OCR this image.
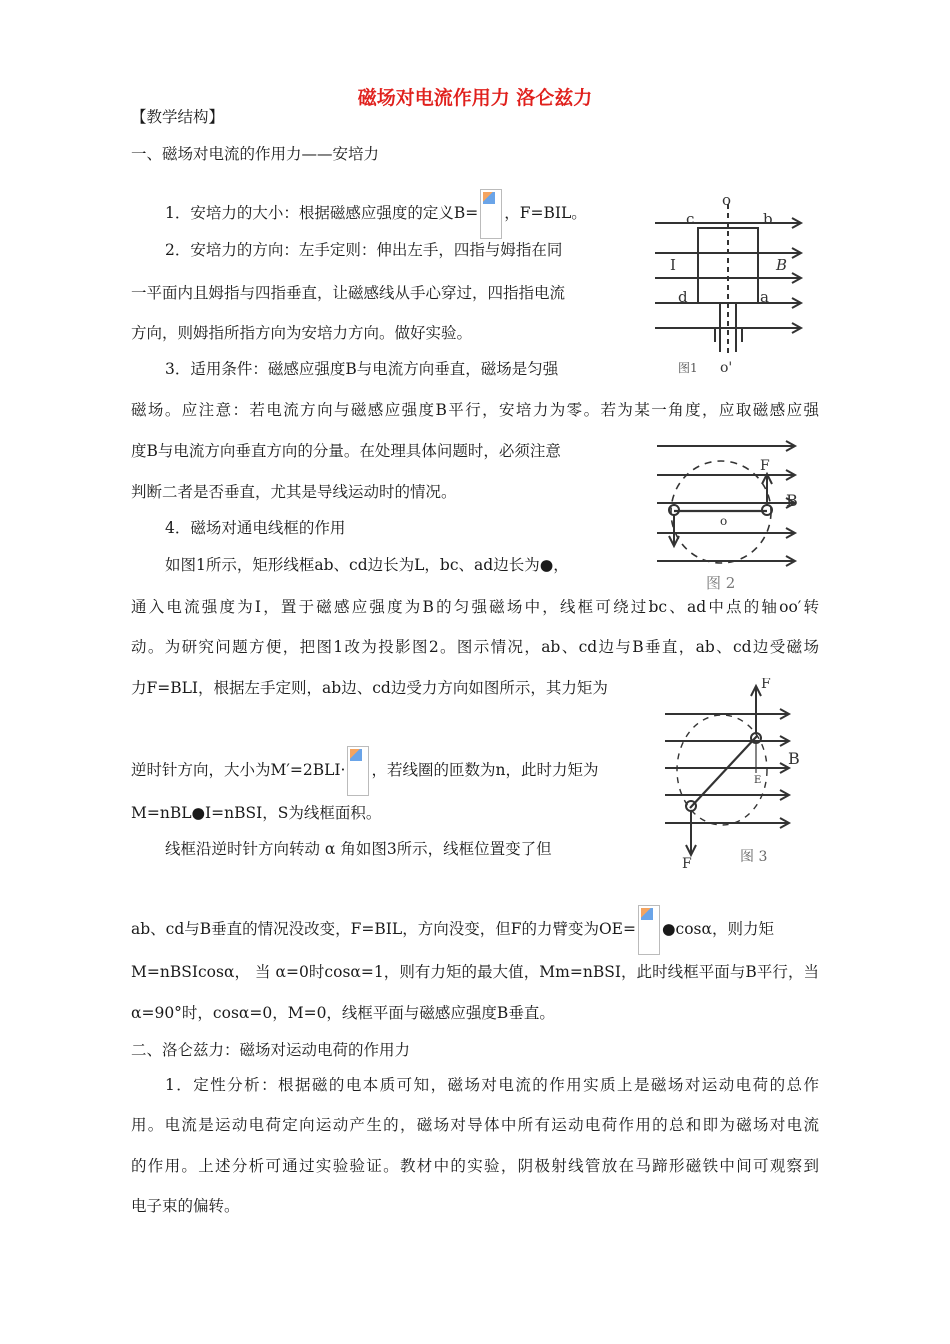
磁场对电流作用力 洛仑兹力
【教学结构】
一、磁场对电流的作用力——安培力
1．安培力的大小：根据磁感应强度的定义B= ，F=BIL。
2．安培力的方向：左手定则：伸出左手，四指与姆指在同
一平面内且姆指与四指垂直，让磁感线从手心穿过，四指指电流
方向，则姆指所指方向为安培力方向。做好实验。
3．适用条件：磁感应强度B与电流方向垂直，磁场是匀强
磁场。应注意：若电流方向与磁感应强度B平行，安培力为零。若为某一角度，应取磁感应强
度B与电流方向垂直方向的分量。在处理具体问题时，必须注意
判断二者是否垂直，尤其是导线运动时的情况。
4．磁场对通电线框的作用
如图1所示，矩形线框ab、cd边长为L，bc、ad边长为●，
通入电流强度为I，置于磁感应强度为B的匀强磁场中，线框可绕过bc、ad中点的轴oo′转
动。为研究问题方便，把图1改为投影图2。图示情况，ab、cd边与B垂直，ab、cd边受磁场
力F=BLI，根据左手定则，ab边、cd边受力方向如图所示，其力矩为
逆时针方向，大小为M′=2BLI· ，若线圈的匝数为n，此时力矩为
M=nBL●I=nBSI，S为线框面积。
线框沿逆时针方向转动 α 角如图3所示，线框位置变了但
ab、cd与B垂直的情况没改变，F=BIL，方向没变，但F的力臂变为OE= ●cosα，则力矩
M=nBSIcosα， 当 α=0时cosα=1，则有力矩的最大值，Mm=nBSI，此时线框平面与B平行，当
α=90°时，cosα=0，M=0，线框平面与磁感应强度B垂直。
二、洛仑兹力：磁场对运动电荷的作用力
1．定性分析：根据磁的电本质可知，磁场对电流的作用实质上是磁场对运动电荷的总作
用。电流是运动电荷定向运动产生的，磁场对导体中所有运动电荷作用的总和即为磁场对电流
的作用。上述分析可通过实验验证。教材中的实验，阴极射线管放在马蹄形磁铁中间可观察到
电子束的偏转。
o
c	b
I	B
d	a
图1 o'
F
B
o
图 2
F
B
F
E
图 3
